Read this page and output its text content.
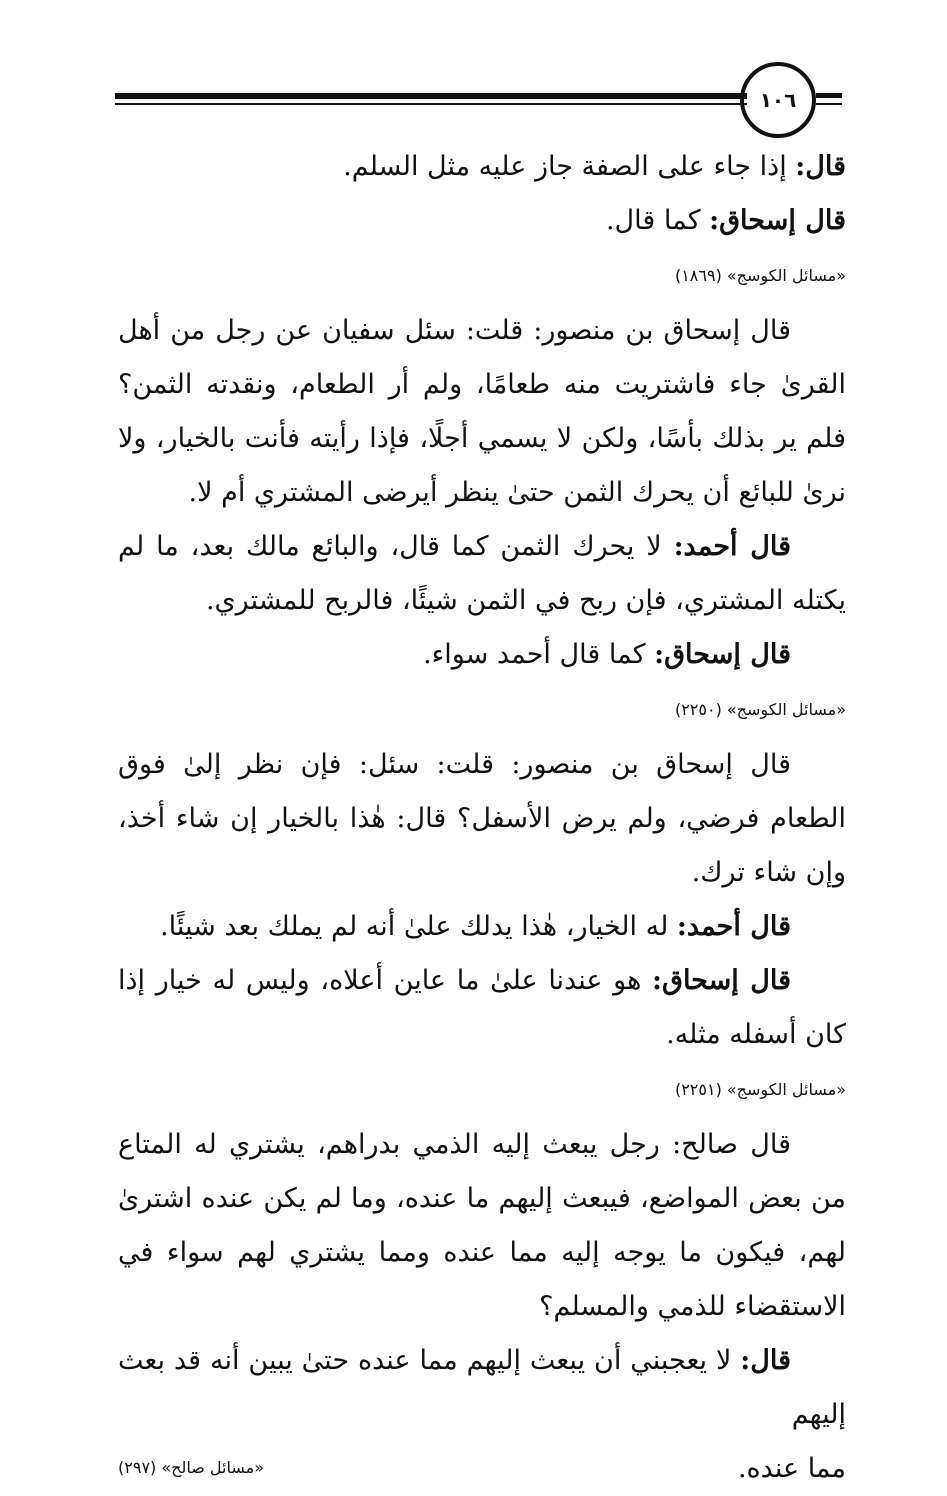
١٠٦

قال: إذا جاء على الصفة جاز عليه مثل السلم.

قال إسحاق: كما قال.

«مسائل الكوسج» (١٨٦٩)

قال إسحاق بن منصور: قلت: سئل سفيان عن رجل من أهل القرىٰ جاء فاشتريت منه طعامًا، ولم أر الطعام، ونقدته الثمن؟ فلم ير بذلك بأسًا، ولكن لا يسمي أجلًا، فإذا رأيته فأنت بالخيار، ولا نرىٰ للبائع أن يحرك الثمن حتىٰ ينظر أيرضى المشتري أم لا.

قال أحمد: لا يحرك الثمن كما قال، والبائع مالك بعد، ما لم يكتله المشتري، فإن ربح في الثمن شيئًا، فالربح للمشتري.

قال إسحاق: كما قال أحمد سواء.

«مسائل الكوسج» (٢٢٥٠)

قال إسحاق بن منصور: قلت: سئل: فإن نظر إلىٰ فوق الطعام فرضي، ولم يرض الأسفل؟ قال: هٰذا بالخيار إن شاء أخذ، وإن شاء ترك.

قال أحمد: له الخيار، هٰذا يدلك علىٰ أنه لم يملك بعد شيئًا.

قال إسحاق: هو عندنا علىٰ ما عاين أعلاه، وليس له خيار إذا كان أسفله مثله.

«مسائل الكوسج» (٢٢٥١)

قال صالح: رجل يبعث إليه الذمي بدراهم، يشتري له المتاع من بعض المواضع، فيبعث إليهم ما عنده، وما لم يكن عنده اشترىٰ لهم، فيكون ما يوجه إليه مما عنده ومما يشتري لهم سواء في الاستقضاء للذمي والمسلم؟

قال: لا يعجبني أن يبعث إليهم مما عنده حتىٰ يبين أنه قد بعث إليهم

مما عنده.
«مسائل صالح» (٢٩٧)
